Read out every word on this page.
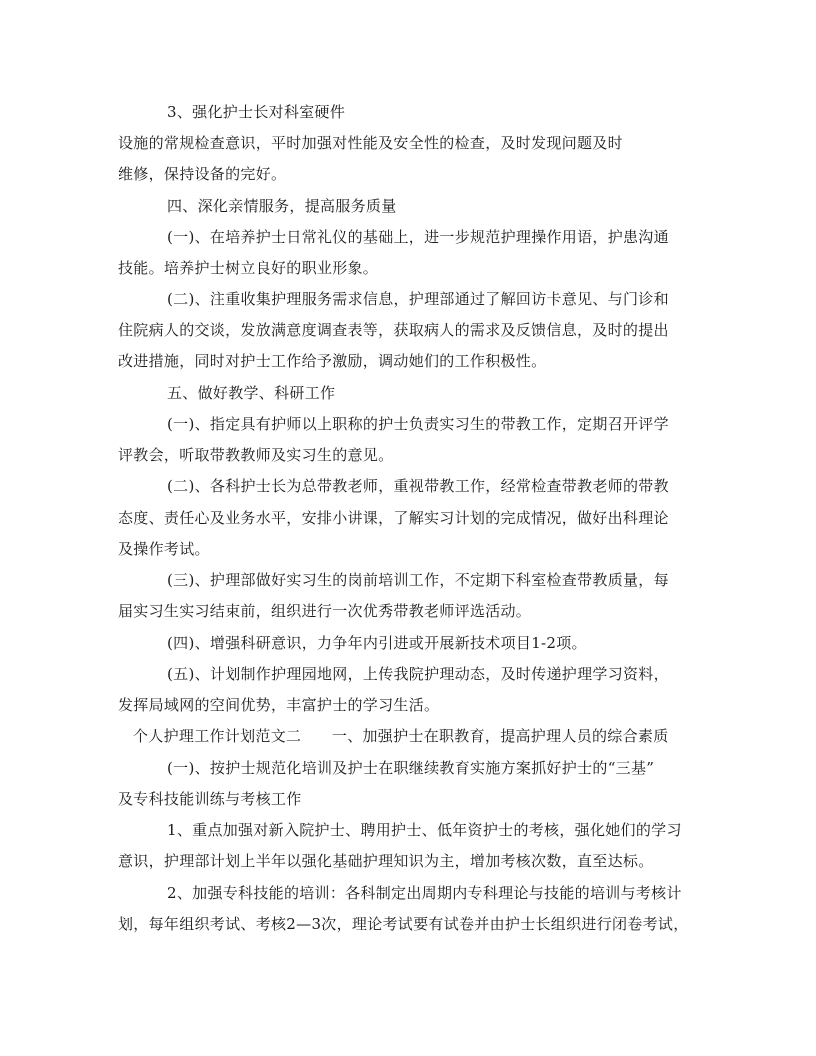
3、强化护士长对科室硬件

设施的常规检查意识，平时加强对性能及安全性的检查，及时发现问题及时

维修，保持设备的完好。

四、深化亲情服务，提高服务质量

(一)、在培养护士日常礼仪的基础上，进一步规范护理操作用语，护患沟通

技能。培养护士树立良好的职业形象。

(二)、注重收集护理服务需求信息，护理部通过了解回访卡意见、与门诊和

住院病人的交谈，发放满意度调查表等，获取病人的需求及反馈信息，及时的提出

改进措施，同时对护士工作给予激励，调动她们的工作积极性。

五、做好教学、科研工作

(一)、指定具有护师以上职称的护士负责实习生的带教工作，定期召开评学

评教会，听取带教教师及实习生的意见。

(二)、各科护士长为总带教老师，重视带教工作，经常检查带教老师的带教

态度、责任心及业务水平，安排小讲课，了解实习计划的完成情况，做好出科理论

及操作考试。

(三)、护理部做好实习生的岗前培训工作，不定期下科室检查带教质量，每

届实习生实习结束前，组织进行一次优秀带教老师评选活动。

(四)、增强科研意识，力争年内引进或开展新技术项目1-2项。

(五)、计划制作护理园地网，上传我院护理动态，及时传递护理学习资料，

发挥局域网的空间优势，丰富护士的学习生活。

个人护理工作计划范文二　　一、加强护士在职教育，提高护理人员的综合素质

(一)、按护士规范化培训及护士在职继续教育实施方案抓好护士的“三基”

及专科技能训练与考核工作

1、重点加强对新入院护士、聘用护士、低年资护士的考核，强化她们的学习

意识，护理部计划上半年以强化基础护理知识为主，增加考核次数，直至达标。

2、加强专科技能的培训：各科制定出周期内专科理论与技能的培训与考核计

划，每年组织考试、考核2—3次，理论考试要有试卷并由护士长组织进行闭卷考试，
